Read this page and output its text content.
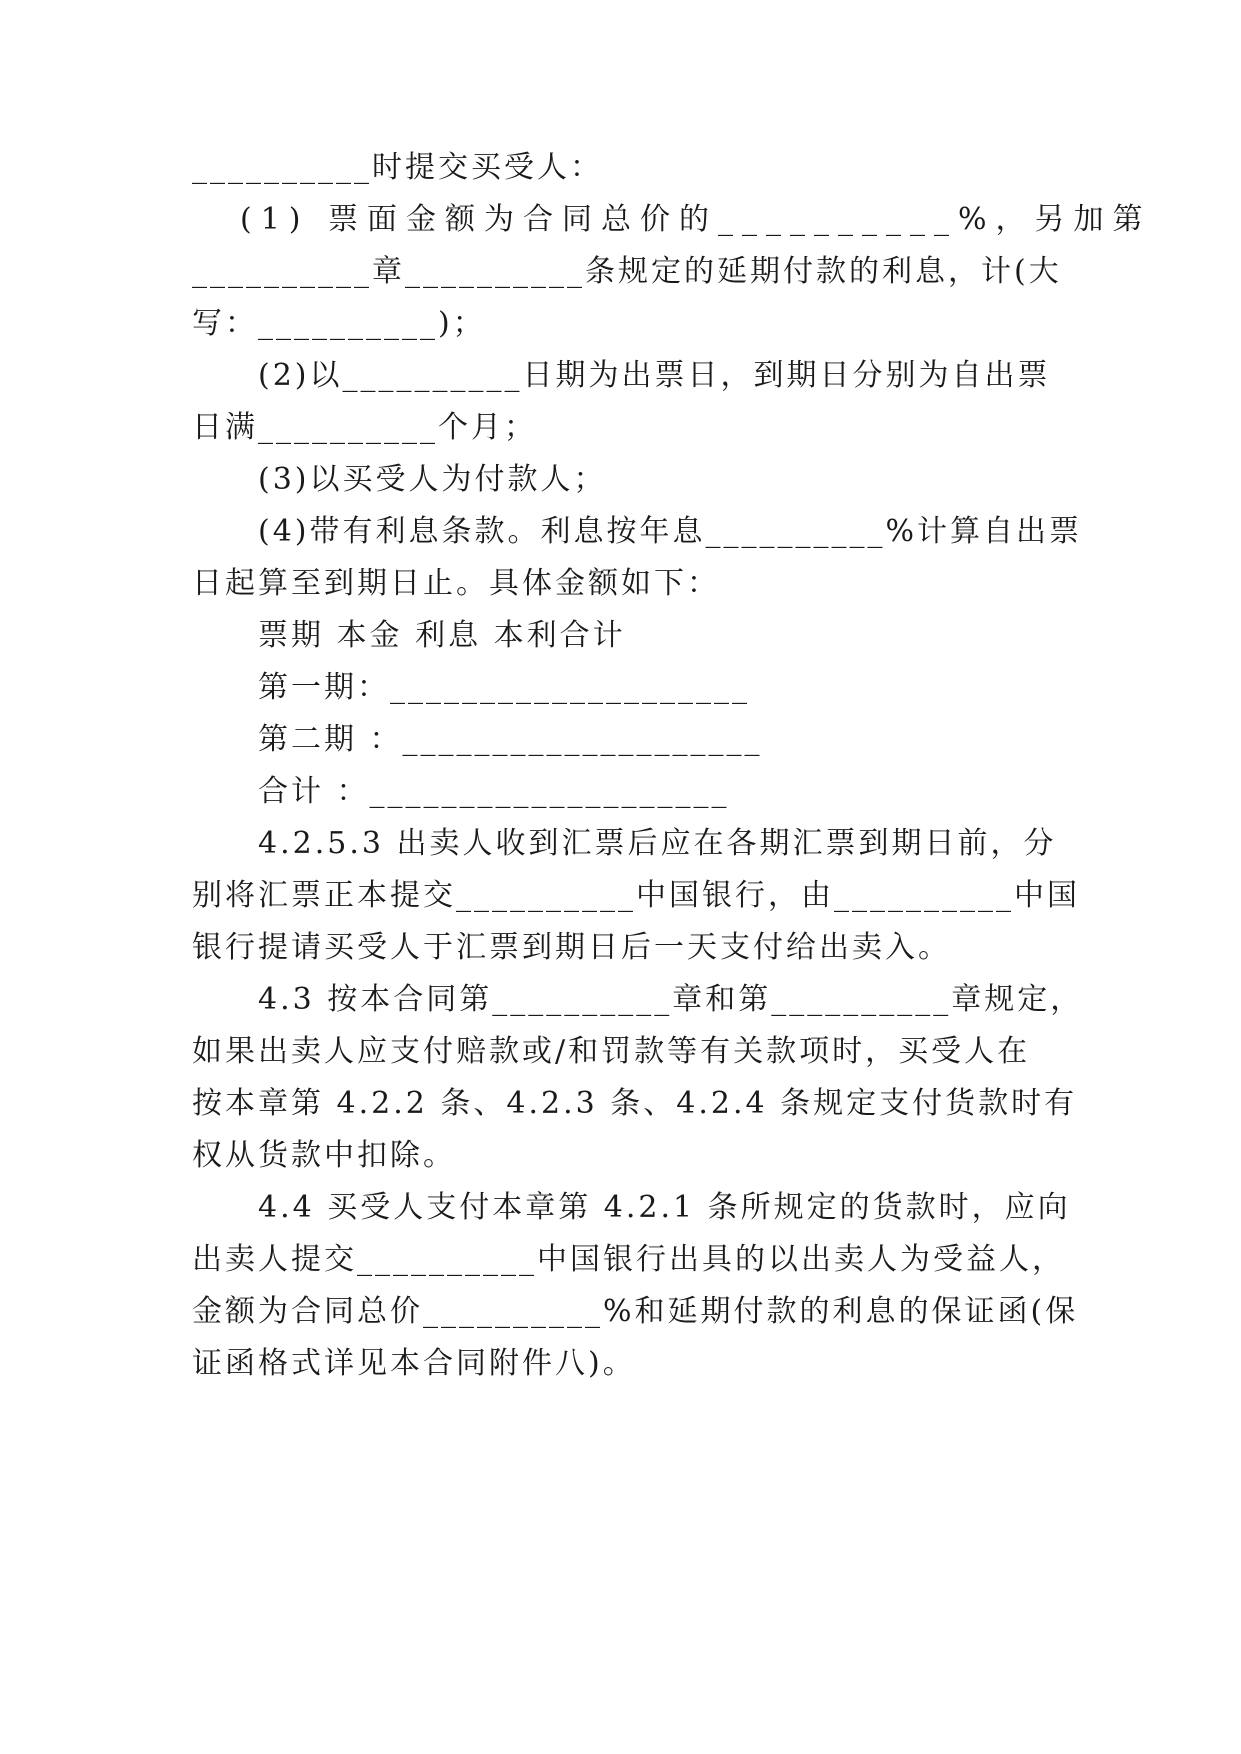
__________时提交买受人：
(1) 票面金额为合同总价的__________%，另加第
__________章__________条规定的延期付款的利息，计(大
写：__________)；
(2)以__________日期为出票日，到期日分别为自出票
日满__________个月；
(3)以买受人为付款人；
(4)带有利息条款。利息按年息__________%计算自出票
日起算至到期日止。具体金额如下：
票期 本金 利息 本利合计
第一期：____________________
第二期 ：____________________
合计 ：____________________
4.2.5.3 出卖人收到汇票后应在各期汇票到期日前，分
别将汇票正本提交__________中国银行，由__________中国
银行提请买受人于汇票到期日后一天支付给出卖入。
4.3 按本合同第__________章和第__________章规定，
如果出卖人应支付赔款或/和罚款等有关款项时，买受人在
按本章第 4.2.2 条、4.2.3 条、4.2.4 条规定支付货款时有
权从货款中扣除。
4.4 买受人支付本章第 4.2.1 条所规定的货款时，应向
出卖人提交__________中国银行出具的以出卖人为受益人，
金额为合同总价__________%和延期付款的利息的保证函(保
证函格式详见本合同附件八)。
